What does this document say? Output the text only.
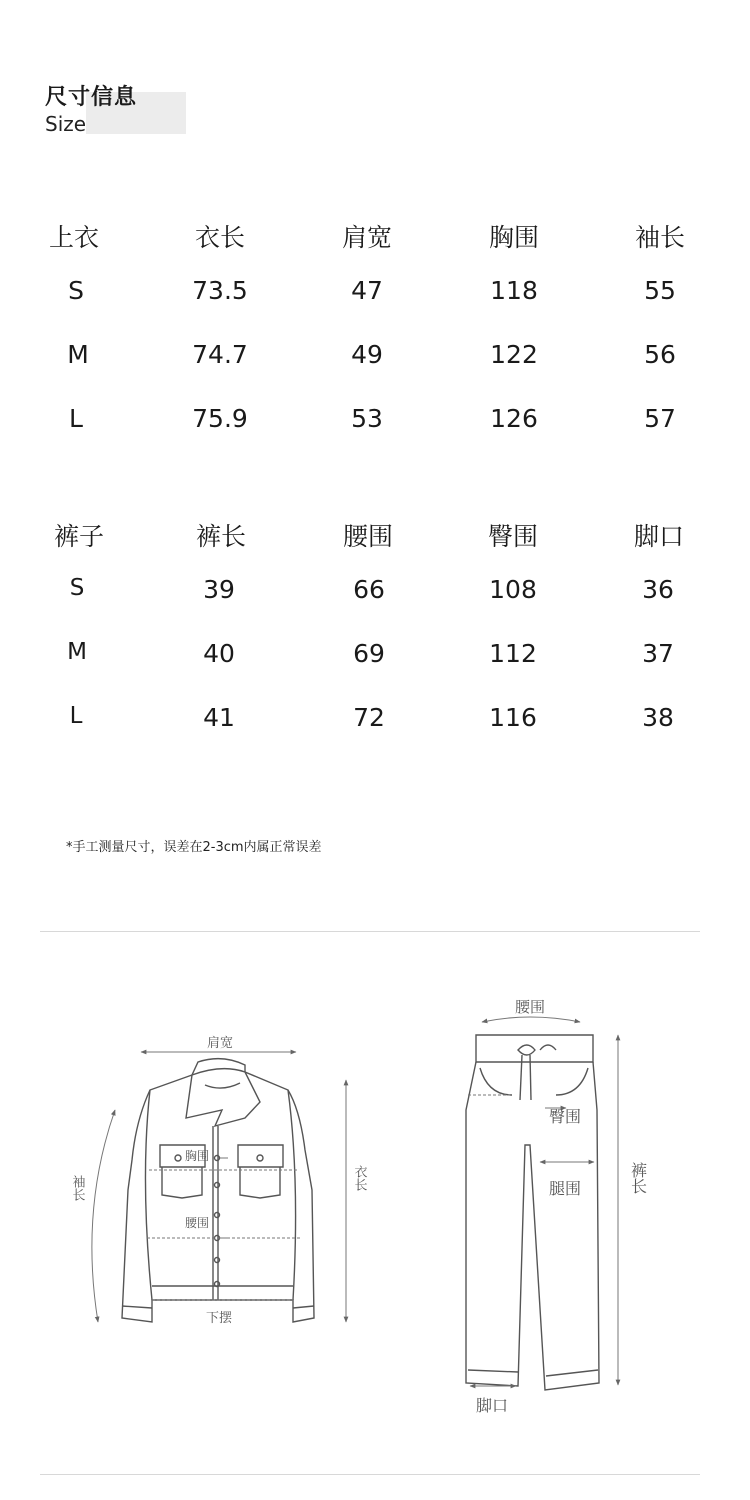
尺寸信息
Size
上衣	衣长	肩宽	胸围	袖长
S	73.5	47	118	55
M	74.7	49	122	56
L	75.9	53	126	57
裤子	裤长	腰围	臀围	脚口
S	39	66	108	36
M	40	69	112	37
L	41	72	116	38
*手工测量尺寸，误差在2-3cm内属正常误差
肩宽
袖长	衣长
胸围
腰围
下摆
腰围
臀围
腿围	裤长
脚口
